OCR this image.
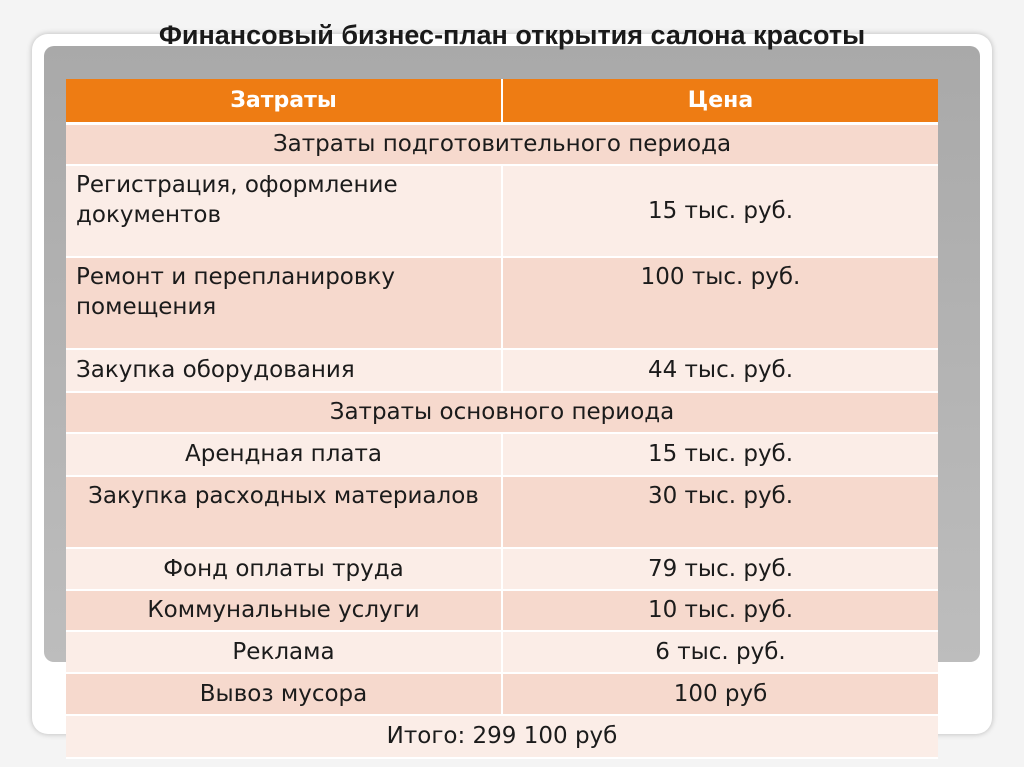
Финансовый бизнес-план открытия салона красоты
Затраты	Цена
Затраты подготовительного периода	
Регистрация, оформление документов	15 тыс. руб.
Ремонт и перепланировку помещения	100 тыс. руб.
Закупка оборудования	44 тыс. руб.
Затраты основного периода	
Арендная плата	15 тыс. руб.
Закупка расходных материалов	30 тыс. руб.
Фонд оплаты труда	79 тыс. руб.
Коммунальные услуги	10 тыс. руб.
Реклама	6 тыс. руб.
Вывоз мусора	100 руб
Итого: 299 100 руб	
